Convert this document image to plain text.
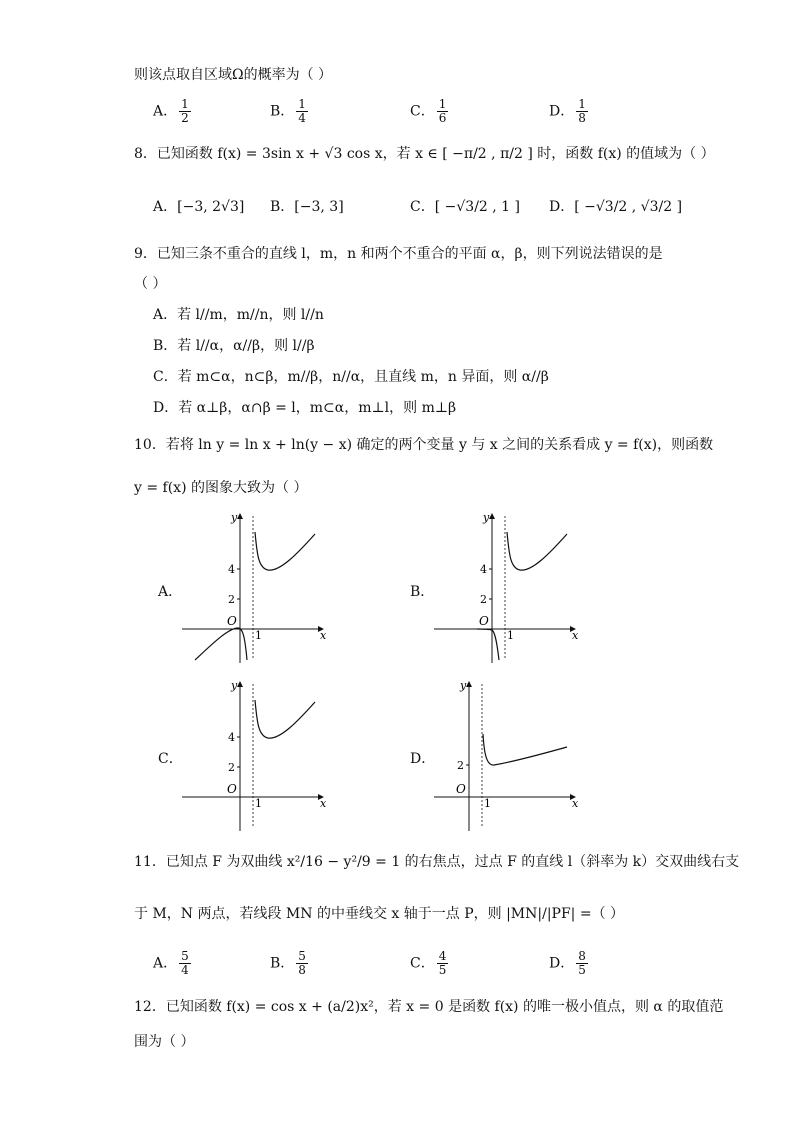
则该点取自区域Ω的概率为（ ）
A． $\frac{1}{2}$	B． $\frac{1}{4}$	C． $\frac{1}{6}$	D． $\frac{1}{8}$
8．已知函数 f(x) = 3sin x + √3 cos x，若 x ∈ [ −π/2 , π/2 ] 时，函数 f(x) 的值域为（ ）
A．[−3, 2√3] B．[−3, 3]	C．[ −√3/2 , 1 ] D．[ −√3/2 , √3/2 ]
9．已知三条不重合的直线 l，m，n 和两个不重合的平面 α，β，则下列说法错误的是
（ ）
A．若 l//m，m//n，则 l//n
B．若 l//α，α//β，则 l//β
C．若 m⊂α，n⊂β，m//β，n//α，且直线 m，n 异面，则 α//β
D．若 α⊥β，α∩β = l，m⊂α，m⊥l，则 m⊥β
10．若将 ln y = ln x + ln(y − x) 确定的两个变量 y 与 x 之间的关系看成 y = f(x)，则函数
y = f(x) 的图象大致为（ ）
A．	B．
C．	D．
y
x
O
1
2
4
y
x
O
1
2
4
y
x
O
1
2
4
y
x
O
1
2
11．已知点 F 为双曲线 x²/16 − y²/9 = 1 的右焦点，过点 F 的直线 l（斜率为 k）交双曲线右支
于 M，N 两点，若线段 MN 的中垂线交 x 轴于一点 P，则 |MN|/|PF| =（ ）
A． $\frac{5}{4}$	B． $\frac{5}{8}$	C． $\frac{4}{5}$	D． $\frac{8}{5}$
12．已知函数 f(x) = cos x + (a/2)x²，若 x = 0 是函数 f(x) 的唯一极小值点，则 α 的取值范
围为（ ）
